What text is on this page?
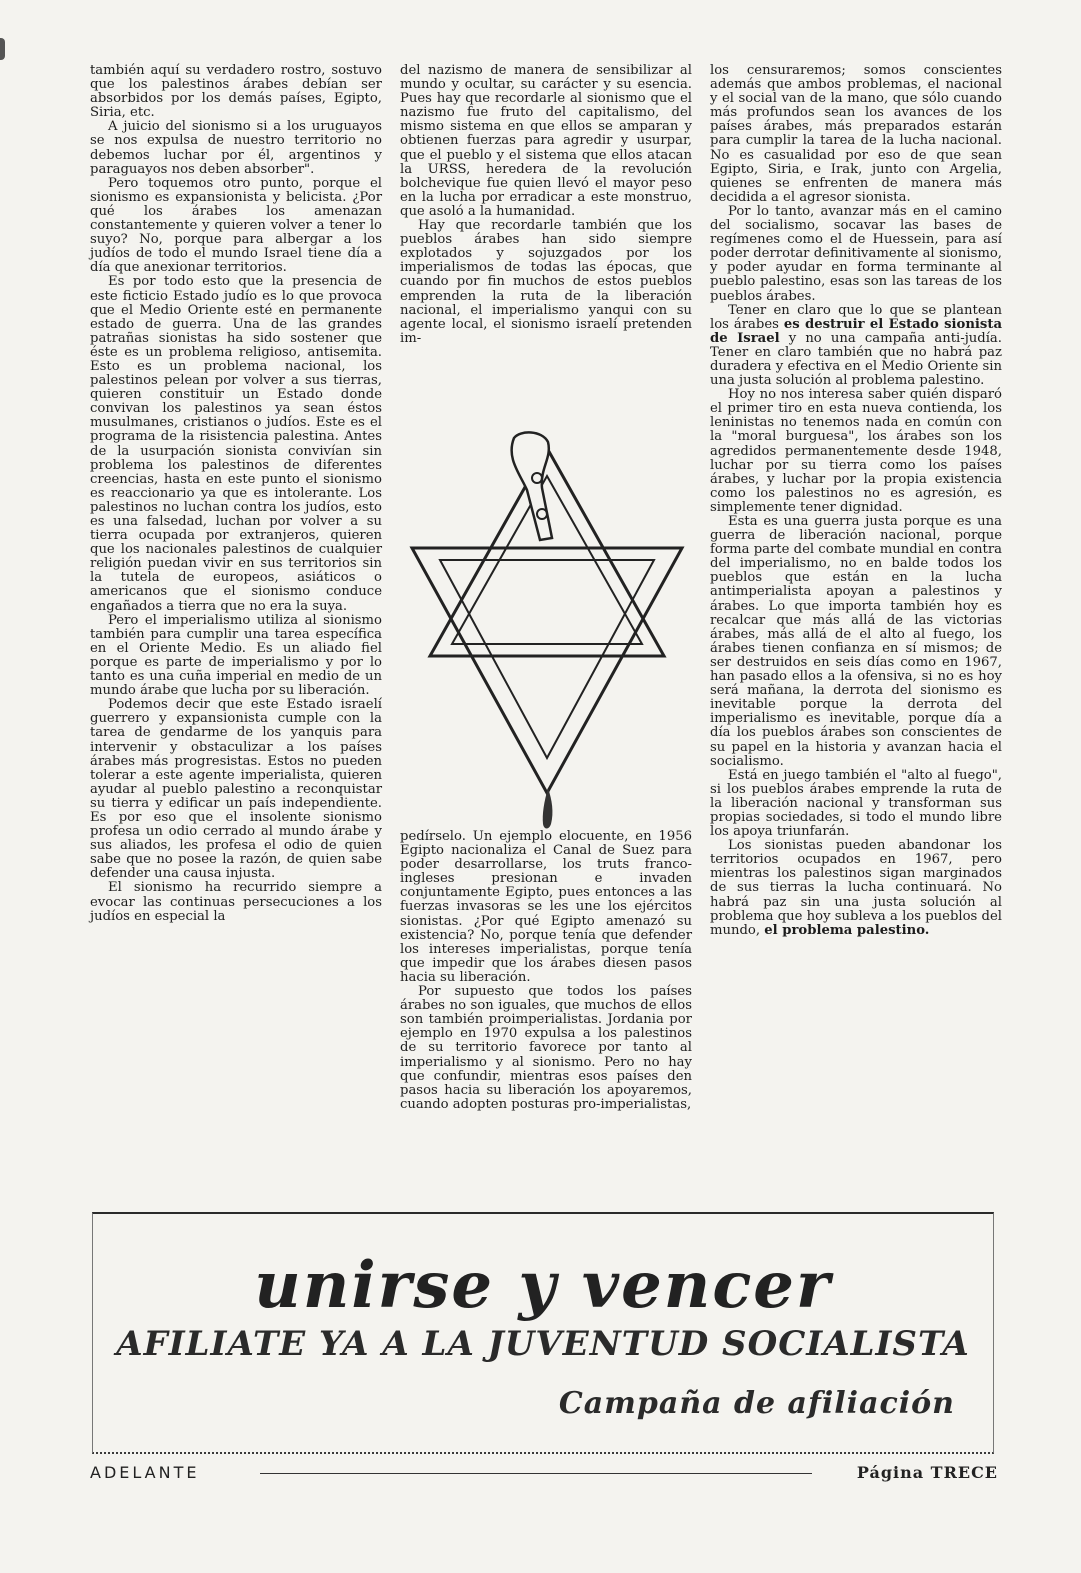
también aquí su verdadero rostro, sostuvo que los palestinos árabes debían ser absorbidos por los demás países, Egipto, Siria, etc.

A juicio del sionismo si a los uruguayos se nos expulsa de nuestro territorio no debemos luchar por él, argentinos y paraguayos nos deben absorber".

Pero toquemos otro punto, porque el sionismo es expansionista y belicista. ¿Por qué los árabes los amenazan constantemente y quieren volver a tener lo suyo? No, porque para albergar a los judíos de todo el mundo Israel tiene día a día que anexionar territorios.

Es por todo esto que la presencia de este ficticio Estado judío es lo que provoca que el Medio Oriente esté en permanente estado de guerra. Una de las grandes patrañas sionistas ha sido sostener que éste es un problema religioso, antisemita. Esto es un problema nacional, los palestinos pelean por volver a sus tierras, quieren constituir un Estado donde convivan los palestinos ya sean éstos musulmanes, cristianos o judíos. Este es el programa de la risistencia palestina. Antes de la usurpación sionista convivían sin problema los palestinos de diferentes creencias, hasta en este punto el sionismo es reaccionario ya que es intolerante. Los palestinos no luchan contra los judíos, esto es una falsedad, luchan por volver a su tierra ocupada por extranjeros, quieren que los nacionales palestinos de cualquier religión puedan vivir en sus territorios sin la tutela de europeos, asiáticos o americanos que el sionismo conduce engañados a tierra que no era la suya.

Pero el imperialismo utiliza al sionismo también para cumplir una tarea específica en el Oriente Medio. Es un aliado fiel porque es parte de imperialismo y por lo tanto es una cuña imperial en medio de un mundo árabe que lucha por su liberación.

Podemos decir que este Estado israelí guerrero y expansionista cumple con la tarea de gendarme de los yanquis para intervenir y obstaculizar a los países árabes más progresistas. Estos no pueden tolerar a este agente imperialista, quieren ayudar al pueblo palestino a reconquistar su tierra y edificar un país independiente. Es por eso que el insolente sionismo profesa un odio cerrado al mundo árabe y sus aliados, les profesa el odio de quien sabe que no posee la razón, de quien sabe defender una causa injusta.

El sionismo ha recurrido siempre a evocar las continuas persecuciones a los judíos en especial la

del nazismo de manera de sensibilizar al mundo y ocultar, su carácter y su esencia. Pues hay que recordarle al sionismo que el nazismo fue fruto del capitalismo, del mismo sistema en que ellos se amparan y obtienen fuerzas para agredir y usurpar, que el pueblo y el sistema que ellos atacan la URSS, heredera de la revolución bolchevique fue quien llevó el mayor peso en la lucha por erradicar a este monstruo, que asoló a la humanidad.

Hay que recordarle también que los pueblos árabes han sido siempre explotados y sojuzgados por los imperialismos de todas las épocas, que cuando por fin muchos de estos pueblos emprenden la ruta de la liberación nacional, el imperialismo yanqui con su agente local, el sionismo israelí pretenden im-

pedírselo. Un ejemplo elocuente, en 1956 Egipto nacionaliza el Canal de Suez para poder desarrollarse, los truts franco-ingleses presionan e invaden conjuntamente Egipto, pues entonces a las fuerzas invasoras se les une los ejércitos sionistas. ¿Por qué Egipto amenazó su existencia? No, porque tenía que defender los intereses imperialistas, porque tenía que impedir que los árabes diesen pasos hacia su liberación.

Por supuesto que todos los países árabes no son iguales, que muchos de ellos son también proimperialistas. Jordania por ejemplo en 1970 expulsa a los palestinos de su territorio favorece por tanto al imperialismo y al sionismo. Pero no hay que confundir, mientras esos países den pasos hacia su liberación los apoyaremos, cuando adopten posturas pro-imperialistas,

los censuraremos; somos conscientes además que ambos problemas, el nacional y el social van de la mano, que sólo cuando más profundos sean los avances de los países árabes, más preparados estarán para cumplir la tarea de la lucha nacional. No es casualidad por eso de que sean Egipto, Siria, e Irak, junto con Argelia, quienes se enfrenten de manera más decidida a el agresor sionista.

Por lo tanto, avanzar más en el camino del socialismo, socavar las bases de regímenes como el de Huessein, para así poder derrotar definitivamente al sionismo, y poder ayudar en forma terminante al pueblo palestino, esas son las tareas de los pueblos árabes.

Tener en claro que lo que se plantean los árabes es destruir el Estado sionista de Israel y no una campaña anti-judía. Tener en claro también que no habrá paz duradera y efectiva en el Medio Oriente sin una justa solución al problema palestino.

Hoy no nos interesa saber quién disparó el primer tiro en esta nueva contienda, los leninistas no tenemos nada en común con la "moral burguesa", los árabes son los agredidos permanentemente desde 1948, luchar por su tierra como los países árabes, y luchar por la propia existencia como los palestinos no es agresión, es simplemente tener dignidad.

Esta es una guerra justa porque es una guerra de liberación nacional, porque forma parte del combate mundial en contra del imperialismo, no en balde todos los pueblos que están en la lucha antimperialista apoyan a palestinos y árabes. Lo que importa también hoy es recalcar que más allá de las victorias árabes, más allá de el alto al fuego, los árabes tienen confianza en sí mismos; de ser destruidos en seis días como en 1967, han pasado ellos a la ofensiva, si no es hoy será mañana, la derrota del sionismo es inevitable porque la derrota del imperialismo es inevitable, porque día a día los pueblos árabes son conscientes de su papel en la historia y avanzan hacia el socialismo.

Está en juego también el "alto al fuego", si los pueblos árabes emprende la ruta de la liberación nacional y transforman sus propias sociedades, si todo el mundo libre los apoya triunfarán.

Los sionistas pueden abandonar los territorios ocupados en 1967, pero mientras los palestinos sigan marginados de sus tierras la lucha continuará. No habrá paz sin una justa solución al problema que hoy subleva a los pueblos del mundo, el problema palestino.

unirse y vencer
AFILIATE YA A LA JUVENTUD SOCIALISTA
Campaña de afiliación
ADELANTE	Página TRECE
